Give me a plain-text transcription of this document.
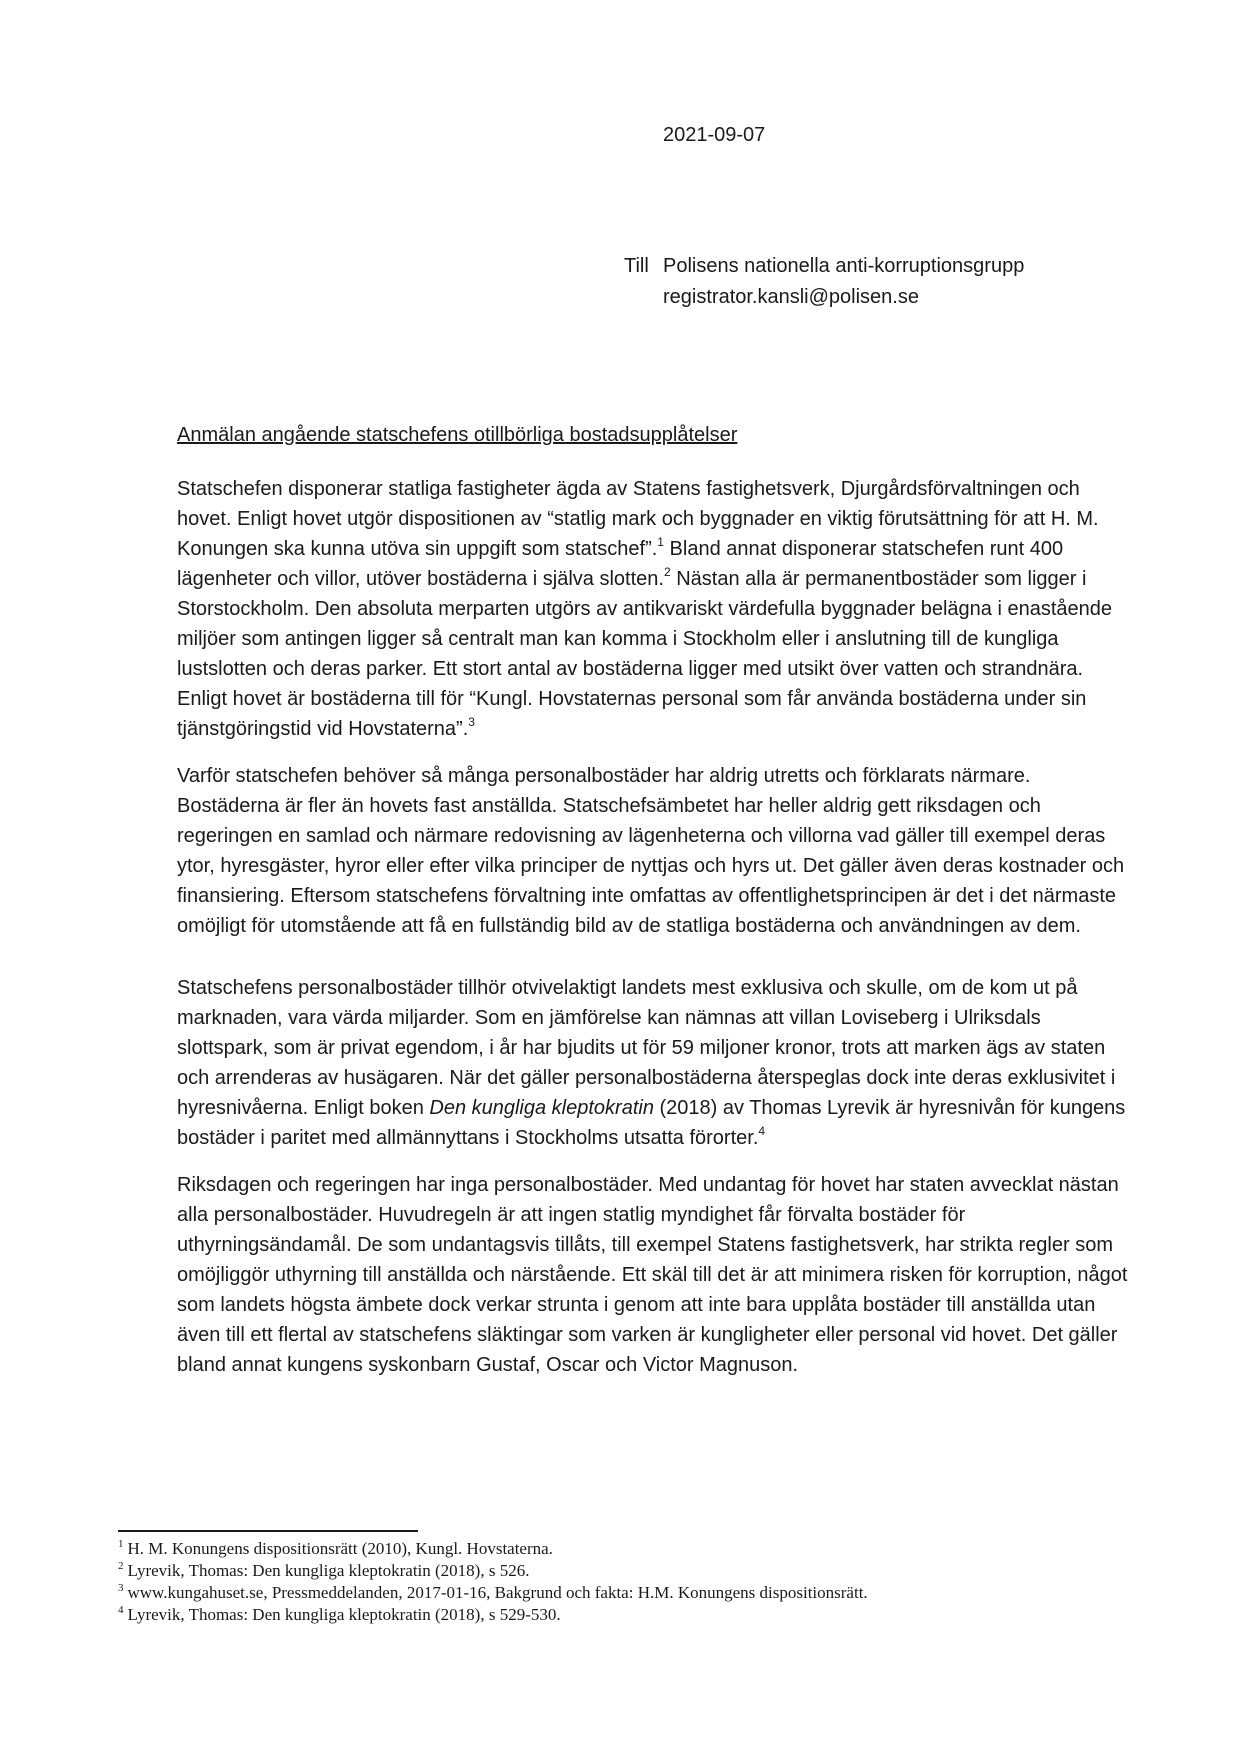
2021-09-07
Till Polisens nationella anti-korruptionsgrupp
registrator.kansli@polisen.se
Anmälan angående statschefens otillbörliga bostadsupplåtelser

Statschefen disponerar statliga fastigheter ägda av Statens fastighetsverk, Djurgårdsförvaltningen och hovet. Enligt hovet utgör dispositionen av “statlig mark och byggnader en viktig förutsättning för att H. M. Konungen ska kunna utöva sin uppgift som statschef”.$^1$ Bland annat disponerar statschefen runt 400 lägenheter och villor, utöver bostäderna i själva slotten.$^2$ Nästan alla är permanentbostäder som ligger i Storstockholm. Den absoluta merparten utgörs av antikvariskt värdefulla byggnader belägna i enastående miljöer som antingen ligger så centralt man kan komma i Stockholm eller i anslutning till de kungliga lustslotten och deras parker. Ett stort antal av bostäderna ligger med utsikt över vatten och strandnära. Enligt hovet är bostäderna till för “Kungl. Hovstaternas personal som får använda bostäderna under sin tjänstgöringstid vid Hovstaterna”.$^3$

Varför statschefen behöver så många personalbostäder har aldrig utretts och förklarats närmare. Bostäderna är fler än hovets fast anställda. Statschefsämbetet har heller aldrig gett riksdagen och regeringen en samlad och närmare redovisning av lägenheterna och villorna vad gäller till exempel deras ytor, hyresgäster, hyror eller efter vilka principer de nyttjas och hyrs ut. Det gäller även deras kostnader och finansiering. Eftersom statschefens förvaltning inte omfattas av offentlighetsprincipen är det i det närmaste omöjligt för utomstående att få en fullständig bild av de statliga bostäderna och användningen av dem.

Statschefens personalbostäder tillhör otvivelaktigt landets mest exklusiva och skulle, om de kom ut på marknaden, vara värda miljarder. Som en jämförelse kan nämnas att villan Loviseberg i Ulriksdals slottspark, som är privat egendom, i år har bjudits ut för 59 miljoner kronor, trots att marken ägs av staten och arrenderas av husägaren. När det gäller personalbostäderna återspeglas dock inte deras exklusivitet i hyresnivåerna. Enligt boken Den kungliga kleptokratin (2018) av Thomas Lyrevik är hyresnivån för kungens bostäder i paritet med allmännyttans i Stockholms utsatta förorter.$^4$

Riksdagen och regeringen har inga personalbostäder. Med undantag för hovet har staten avvecklat nästan alla personalbostäder. Huvudregeln är att ingen statlig myndighet får förvalta bostäder för uthyrningsändamål. De som undantagsvis tillåts, till exempel Statens fastighetsverk, har strikta regler som omöjliggör uthyrning till anställda och närstående. Ett skäl till det är att minimera risken för korruption, något som landets högsta ämbete dock verkar strunta i genom att inte bara upplåta bostäder till anställda utan även till ett flertal av statschefens släktingar som varken är kungligheter eller personal vid hovet. Det gäller bland annat kungens syskonbarn Gustaf, Oscar och Victor Magnuson.

$^1$ H. M. Konungens dispositionsrätt (2010), Kungl. Hovstaterna.
$^2$ Lyrevik, Thomas: Den kungliga kleptokratin (2018), s 526.
$^3$ www.kungahuset.se, Pressmeddelanden, 2017-01-16, Bakgrund och fakta: H.M. Konungens dispositionsrätt.
$^4$ Lyrevik, Thomas: Den kungliga kleptokratin (2018), s 529-530.
